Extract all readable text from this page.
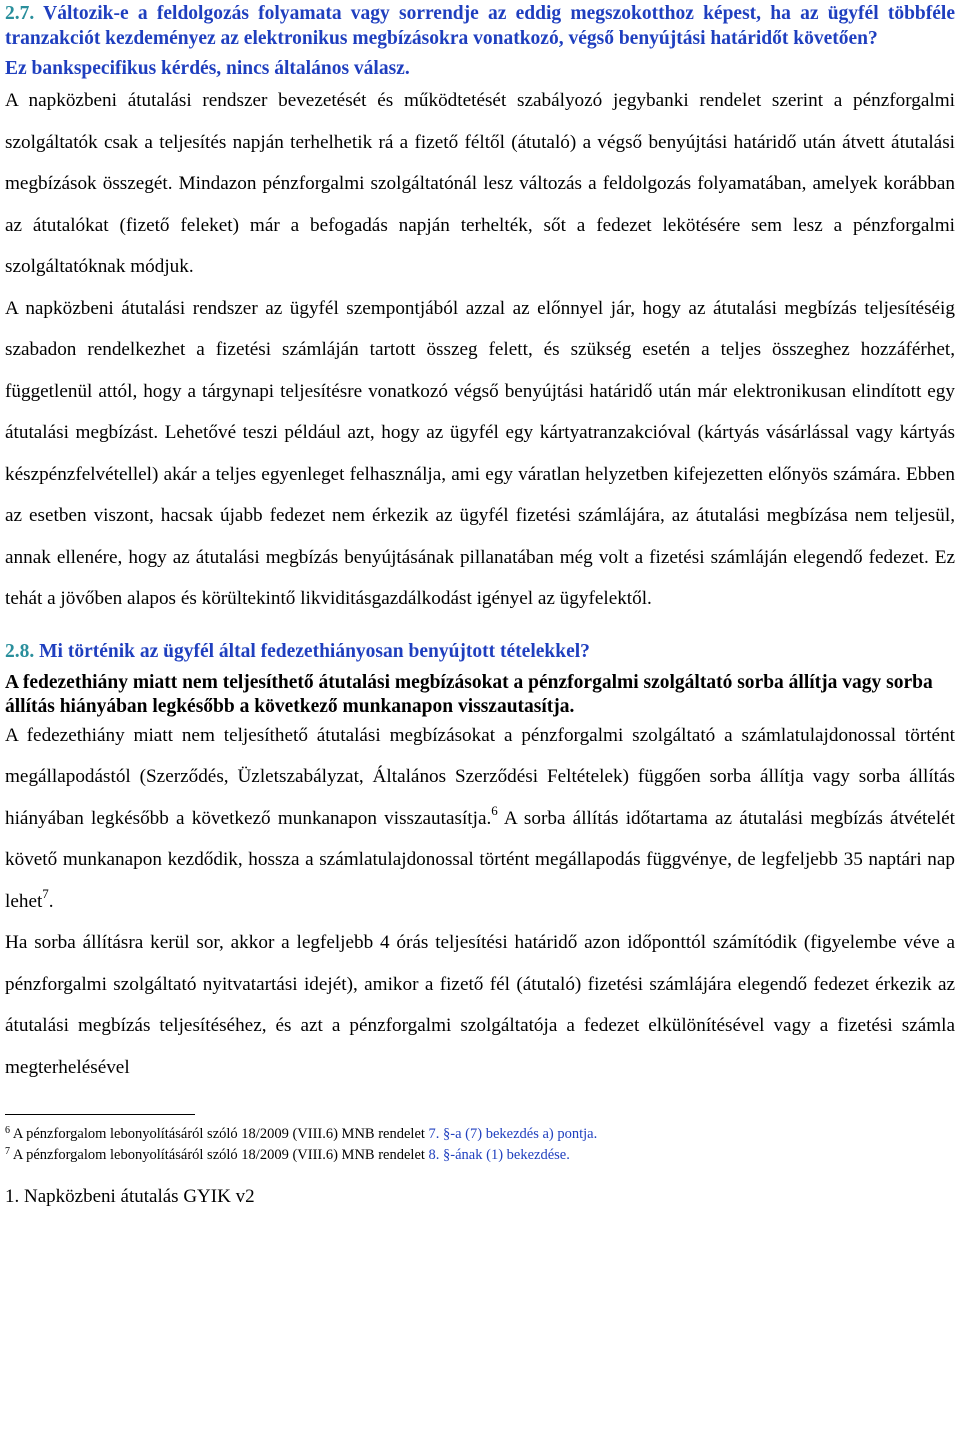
2.7. Változik-e a feldolgozás folyamata vagy sorrendje az eddig megszokotthoz képest, ha az ügyfél többféle tranzakciót kezdeményez az elektronikus megbízásokra vonatkozó, végső benyújtási határidőt követően?

Ez bankspecifikus kérdés, nincs általános válasz.

A napközbeni átutalási rendszer bevezetését és működtetését szabályozó jegybanki rendelet szerint a pénzforgalmi szolgáltatók csak a teljesítés napján terhelhetik rá a fizető féltől (átutaló) a végső benyújtási határidő után átvett átutalási megbízások összegét. Mindazon pénzforgalmi szolgáltatónál lesz változás a feldolgozás folyamatában, amelyek korábban az átutalókat (fizető feleket) már a befogadás napján terhelték, sőt a fedezet lekötésére sem lesz a pénzforgalmi szolgáltatóknak módjuk.

A napközbeni átutalási rendszer az ügyfél szempontjából azzal az előnnyel jár, hogy az átutalási megbízás teljesítéséig szabadon rendelkezhet a fizetési számláján tartott összeg felett, és szükség esetén a teljes összeghez hozzáférhet, függetlenül attól, hogy a tárgynapi teljesítésre vonatkozó végső benyújtási határidő után már elektronikusan elindított egy átutalási megbízást. Lehetővé teszi például azt, hogy az ügyfél egy kártyatranzakcióval (kártyás vásárlással vagy kártyás készpénzfelvétellel) akár a teljes egyenleget felhasználja, ami egy váratlan helyzetben kifejezetten előnyös számára. Ebben az esetben viszont, hacsak újabb fedezet nem érkezik az ügyfél fizetési számlájára, az átutalási megbízása nem teljesül, annak ellenére, hogy az átutalási megbízás benyújtásának pillanatában még volt a fizetési számláján elegendő fedezet. Ez tehát a jövőben alapos és körültekintő likviditásgazdálkodást igényel az ügyfelektől.

2.8. Mi történik az ügyfél által fedezethiányosan benyújtott tételekkel?

A fedezethiány miatt nem teljesíthető átutalási megbízásokat a pénzforgalmi szolgáltató sorba állítja vagy sorba állítás hiányában legkésőbb a következő munkanapon visszautasítja.

A fedezethiány miatt nem teljesíthető átutalási megbízásokat a pénzforgalmi szolgáltató a számlatulajdonossal történt megállapodástól (Szerződés, Üzletszabályzat, Általános Szerződési Feltételek) függően sorba állítja vagy sorba állítás hiányában legkésőbb a következő munkanapon visszautasítja.$^6$ A sorba állítás időtartama az átutalási megbízás átvételét követő munkanapon kezdődik, hossza a számlatulajdonossal történt megállapodás függvénye, de legfeljebb 35 naptári nap lehet$^7$.

Ha sorba állításra kerül sor, akkor a legfeljebb 4 órás teljesítési határidő azon időponttól számítódik (figyelembe véve a pénzforgalmi szolgáltató nyitvatartási idejét), amikor a fizető fél (átutaló) fizetési számlájára elegendő fedezet érkezik az átutalási megbízás teljesítéséhez, és azt a pénzforgalmi szolgáltatója a fedezet elkülönítésével vagy a fizetési számla megterhelésével

$^6$ A pénzforgalom lebonyolításáról szóló 18/2009 (VIII.6) MNB rendelet 7. §-a (7) bekezdés a) pontja.

$^7$ A pénzforgalom lebonyolításáról szóló 18/2009 (VIII.6) MNB rendelet 8. §-ának (1) bekezdése.

1. Napközbeni átutalás GYIK v2
